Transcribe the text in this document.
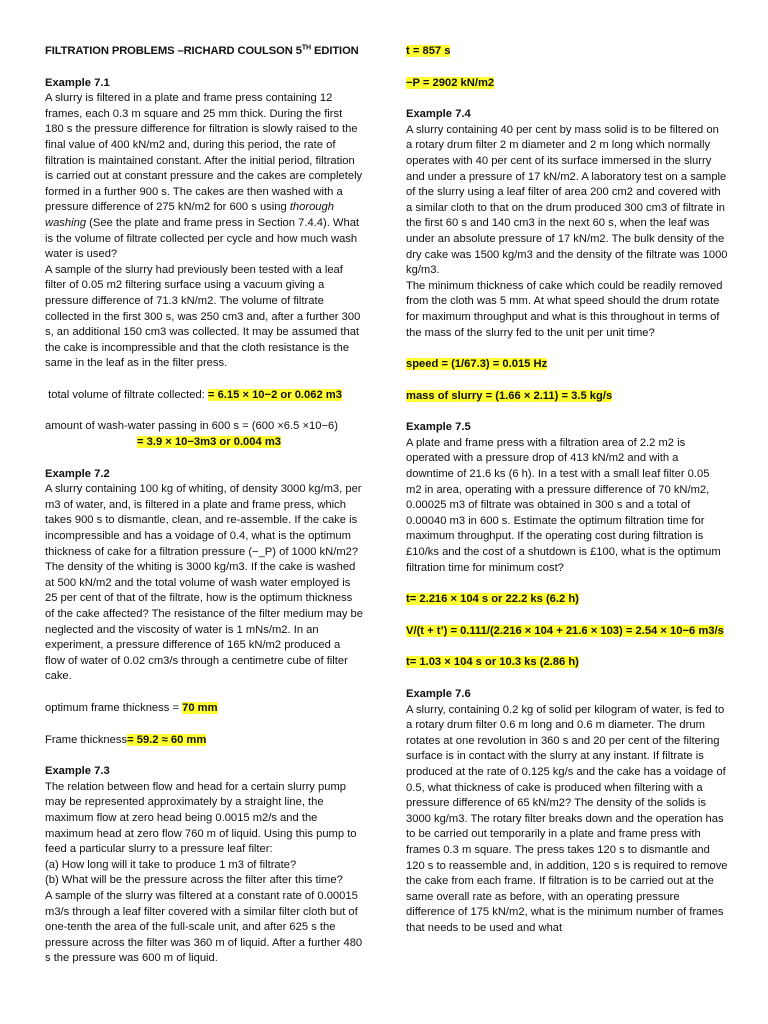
FILTRATION PROBLEMS –RICHARD COULSON 5TH EDITION

Example 7.1

A slurry is filtered in a plate and frame press containing 12 frames, each 0.3 m square and 25 mm thick. During the first 180 s the pressure difference for filtration is slowly raised to the final value of 400 kN/m2 and, during this period, the rate of filtration is maintained constant. After the initial period, filtration is carried out at constant pressure and the cakes are completely formed in a further 900 s. The cakes are then washed with a pressure difference of 275 kN/m2 for 600 s using thorough washing (See the plate and frame press in Section 7.4.4). What is the volume of filtrate collected per cycle and how much wash water is used?

A sample of the slurry had previously been tested with a leaf filter of 0.05 m2 filtering surface using a vacuum giving a pressure difference of 71.3 kN/m2. The volume of filtrate collected in the first 300 s, was 250 cm3 and, after a further 300 s, an additional 150 cm3 was collected. It may be assumed that the cake is incompressible and that the cloth resistance is the same in the leaf as in the filter press.

total volume of filtrate collected: = 6.15 × 10−2 or 0.062 m3

amount of wash-water passing in 600 s = (600 ×6.5 ×10−6)

= 3.9 × 10−3m3 or 0.004 m3

Example 7.2

A slurry containing 100 kg of whiting, of density 3000 kg/m3, per m3 of water, and, is filtered in a plate and frame press, which takes 900 s to dismantle, clean, and re-assemble. If the cake is incompressible and has a voidage of 0.4, what is the optimum thickness of cake for a filtration pressure (−_P) of 1000 kN/m2? The density of the whiting is 3000 kg/m3. If the cake is washed at 500 kN/m2 and the total volume of wash water employed is 25 per cent of that of the filtrate, how is the optimum thickness of the cake affected? The resistance of the filter medium may be neglected and the viscosity of water is 1 mNs/m2. In an experiment, a pressure difference of 165 kN/m2 produced a flow of water of 0.02 cm3/s through a centimetre cube of filter cake.

optimum frame thickness = 70 mm

Frame thickness= 59.2 ≈ 60 mm

Example 7.3

The relation between flow and head for a certain slurry pump may be represented approximately by a straight line, the maximum flow at zero head being 0.0015 m2/s and the maximum head at zero flow 760 m of liquid. Using this pump to feed a particular slurry to a pressure leaf filter:

(a) How long will it take to produce 1 m3 of filtrate?

(b) What will be the pressure across the filter after this time?

A sample of the slurry was filtered at a constant rate of 0.00015 m3/s through a leaf filter covered with a similar filter cloth but of one-tenth the area of the full-scale unit, and after 625 s the pressure across the filter was 360 m of liquid. After a further 480 s the pressure was 600 m of liquid.

t = 857 s

−P = 2902 kN/m2

Example 7.4

A slurry containing 40 per cent by mass solid is to be filtered on a rotary drum filter 2 m diameter and 2 m long which normally operates with 40 per cent of its surface immersed in the slurry and under a pressure of 17 kN/m2. A laboratory test on a sample of the slurry using a leaf filter of area 200 cm2 and covered with a similar cloth to that on the drum produced 300 cm3 of filtrate in the first 60 s and 140 cm3 in the next 60 s, when the leaf was under an absolute pressure of 17 kN/m2. The bulk density of the dry cake was 1500 kg/m3 and the density of the filtrate was 1000 kg/m3.

The minimum thickness of cake which could be readily removed from the cloth was 5 mm. At what speed should the drum rotate for maximum throughput and what is this throughout in terms of the mass of the slurry fed to the unit per unit time?

speed = (1/67.3) = 0.015 Hz

mass of slurry = (1.66 × 2.11) = 3.5 kg/s

Example 7.5

A plate and frame press with a filtration area of 2.2 m2 is operated with a pressure drop of 413 kN/m2 and with a downtime of 21.6 ks (6 h). In a test with a small leaf filter 0.05 m2 in area, operating with a pressure difference of 70 kN/m2, 0.00025 m3 of filtrate was obtained in 300 s and a total of 0.00040 m3 in 600 s. Estimate the optimum filtration time for maximum throughput. If the operating cost during filtration is £10/ks and the cost of a shutdown is £100, what is the optimum filtration time for minimum cost?

t= 2.216 × 104 s or 22.2 ks (6.2 h)

V/(t + t’) = 0.111/(2.216 × 104 + 21.6 × 103) = 2.54 × 10−6 m3/s

t= 1.03 × 104 s or 10.3 ks (2.86 h)

Example 7.6

A slurry, containing 0.2 kg of solid per kilogram of water, is fed to a rotary drum filter 0.6 m long and 0.6 m diameter. The drum rotates at one revolution in 360 s and 20 per cent of the filtering surface is in contact with the slurry at any instant. If filtrate is produced at the rate of 0.125 kg/s and the cake has a voidage of 0.5, what thickness of cake is produced when filtering with a pressure difference of 65 kN/m2? The density of the solids is 3000 kg/m3. The rotary filter breaks down and the operation has to be carried out temporarily in a plate and frame press with frames 0.3 m square. The press takes 120 s to dismantle and 120 s to reassemble and, in addition, 120 s is required to remove the cake from each frame. If filtration is to be carried out at the same overall rate as before, with an operating pressure difference of 175 kN/m2, what is the minimum number of frames that needs to be used and what
